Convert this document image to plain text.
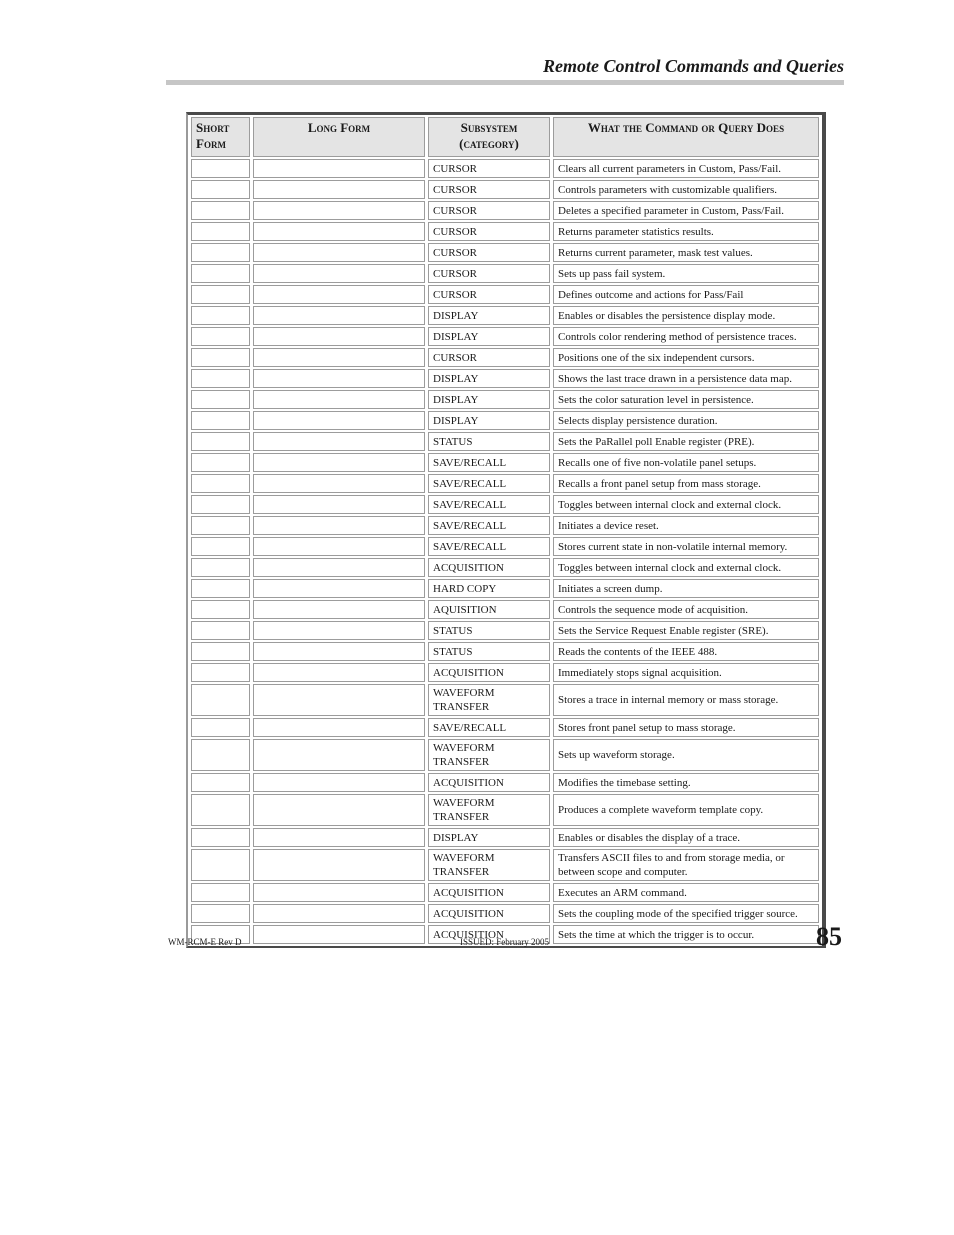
Remote Control Commands and Queries
Short Form	Long Form	Subsystem (category)	What the Command or Query Does
		CURSOR	Clears all current parameters in Custom, Pass/Fail.
		CURSOR	Controls parameters with customizable qualifiers.
		CURSOR	Deletes a specified parameter in Custom, Pass/Fail.
		CURSOR	Returns parameter statistics results.
		CURSOR	Returns current parameter, mask test values.
		CURSOR	Sets up pass fail system.
		CURSOR	Defines outcome and actions for Pass/Fail
		DISPLAY	Enables or disables the persistence display mode.
		DISPLAY	Controls color rendering method of persistence traces.
		CURSOR	Positions one of the six independent cursors.
		DISPLAY	Shows the last trace drawn in a persistence data map.
		DISPLAY	Sets the color saturation level in persistence.
		DISPLAY	Selects display persistence duration.
		STATUS	Sets the PaRallel poll Enable register (PRE).
		SAVE/RECALL	Recalls one of five non-volatile panel setups.
		SAVE/RECALL	Recalls a front panel setup from mass storage.
		SAVE/RECALL	Toggles between internal clock and external clock.
		SAVE/RECALL	Initiates a device reset.
		SAVE/RECALL	Stores current state in non-volatile internal memory.
		ACQUISITION	Toggles between internal clock and external clock.
		HARD COPY	Initiates a screen dump.
		AQUISITION	Controls the sequence mode of acquisition.
		STATUS	Sets the Service Request Enable register (SRE).
		STATUS	Reads the contents of the IEEE 488.
		ACQUISITION	Immediately stops signal acquisition.
		WAVEFORM TRANSFER	Stores a trace in internal memory or mass storage.
		SAVE/RECALL	Stores front panel setup to mass storage.
		WAVEFORM TRANSFER	Sets up waveform storage.
		ACQUISITION	Modifies the timebase setting.
		WAVEFORM TRANSFER	Produces a complete waveform template copy.
		DISPLAY	Enables or disables the display of a trace.
		WAVEFORM TRANSFER	Transfers ASCII files to and from storage media, or between scope and computer.
		ACQUISITION	Executes an ARM command.
		ACQUISITION	Sets the coupling mode of the specified trigger source.
		ACQUISITION	Sets the time at which the trigger is to occur.
WM-RCM-E Rev D	ISSUED: February 2005	85
